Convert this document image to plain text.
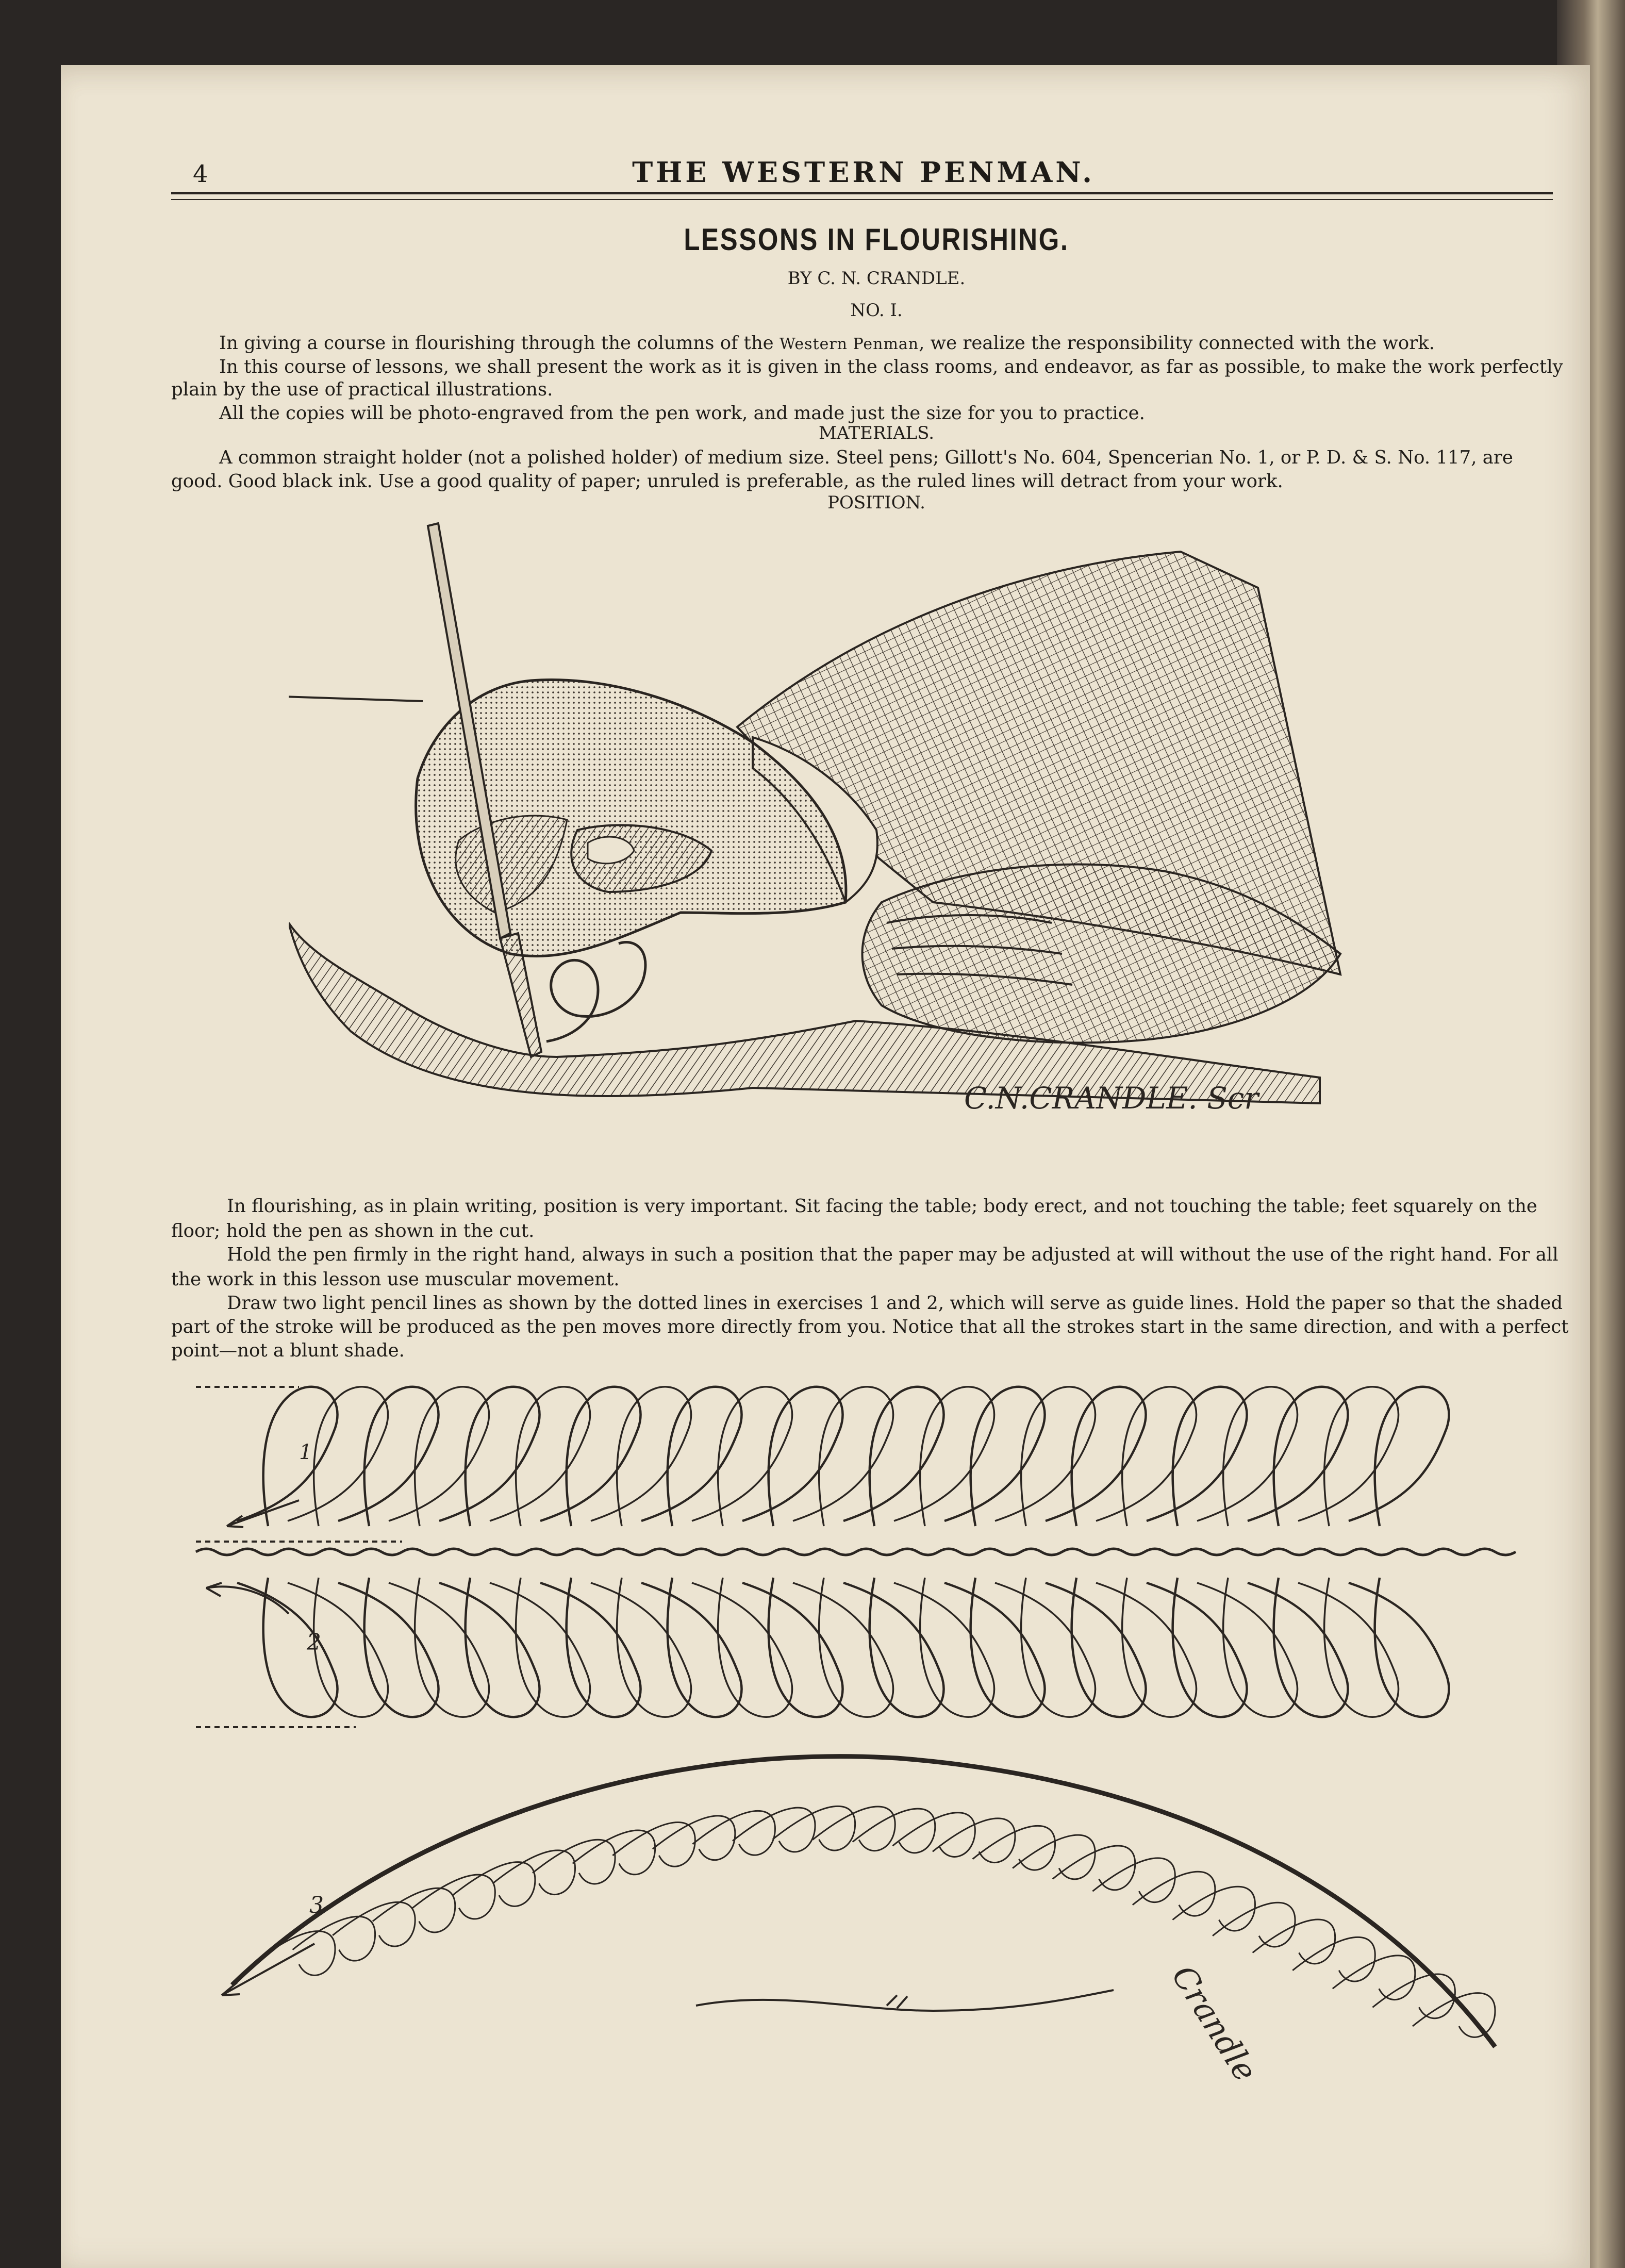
4	THE WESTERN PENMAN.
LESSONS IN FLOURISHING.
BY C. N. CRANDLE.
NO. I.
In giving a course in flourishing through the columns of the Western Penman, we realize the responsibility connected with the work.
In this course of lessons, we shall present the work as it is given in the class rooms, and endeavor, as far as possible, to make the work perfectly
plain by the use of practical illustrations.
All the copies will be photo-engraved from the pen work, and made just the size for you to practice.
MATERIALS.
A common straight holder (not a polished holder) of medium size. Steel pens; Gillott's No. 604, Spencerian No. 1, or P. D. & S. No. 117, are
good. Good black ink. Use a good quality of paper; unruled is preferable, as the ruled lines will detract from your work.
POSITION.
C.N.CRANDLE. Scr
In flourishing, as in plain writing, position is very important. Sit facing the table; body erect, and not touching the table; feet squarely on the
floor; hold the pen as shown in the cut.
Hold the pen firmly in the right hand, always in such a position that the paper may be adjusted at will without the use of the right hand. For all
the work in this lesson use muscular movement.
Draw two light pencil lines as shown by the dotted lines in exercises 1 and 2, which will serve as guide lines. Hold the paper so that the shaded
part of the stroke will be produced as the pen moves more directly from you. Notice that all the strokes start in the same direction, and with a perfect
point—not a blunt shade.
1
2
3
Crandle
